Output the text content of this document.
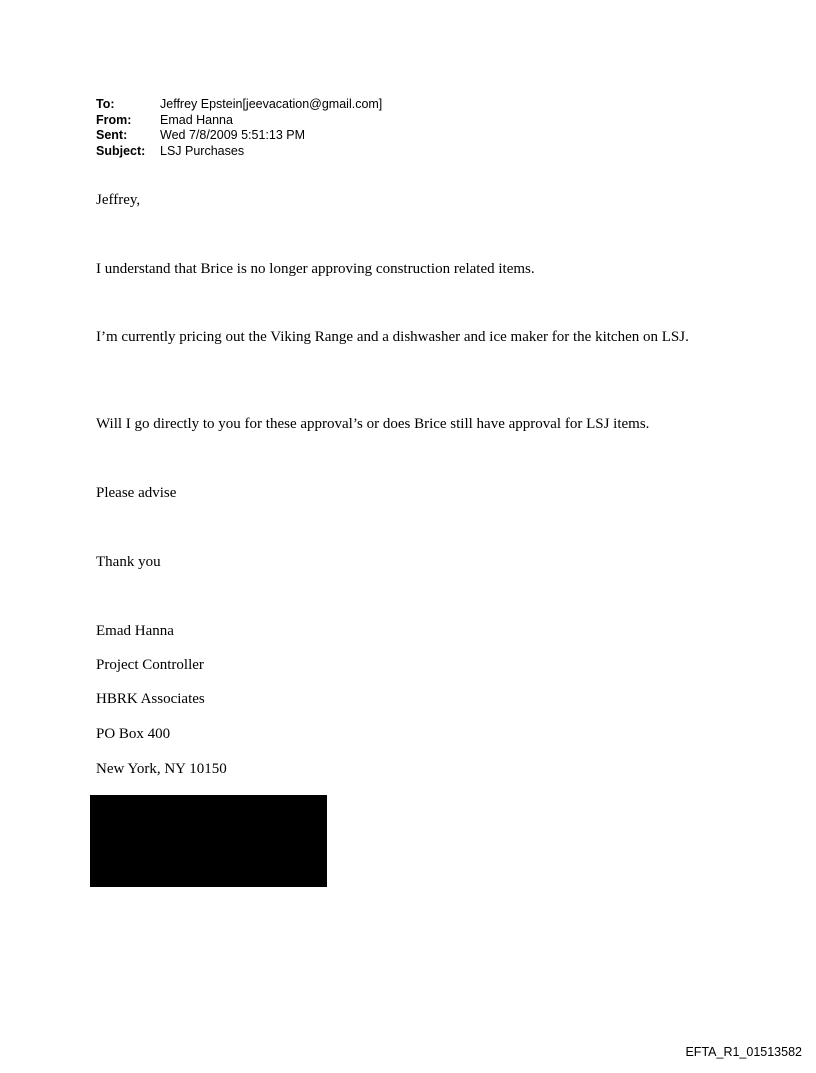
To:	Jeffrey Epstein[jeevacation@gmail.com]
From:	Emad Hanna
Sent:	Wed 7/8/2009 5:51:13 PM
Subject:	LSJ Purchases
Jeffrey,
I understand that Brice is no longer approving construction related items.
I’m currently pricing out the Viking Range and a dishwasher and ice maker for the kitchen on LSJ.
Will I go directly to you for these approval’s or does Brice still have approval for LSJ items.
Please advise
Thank you
Emad Hanna
Project Controller
HBRK Associates
PO Box 400
New York, NY 10150
EFTA_R1_01513582
